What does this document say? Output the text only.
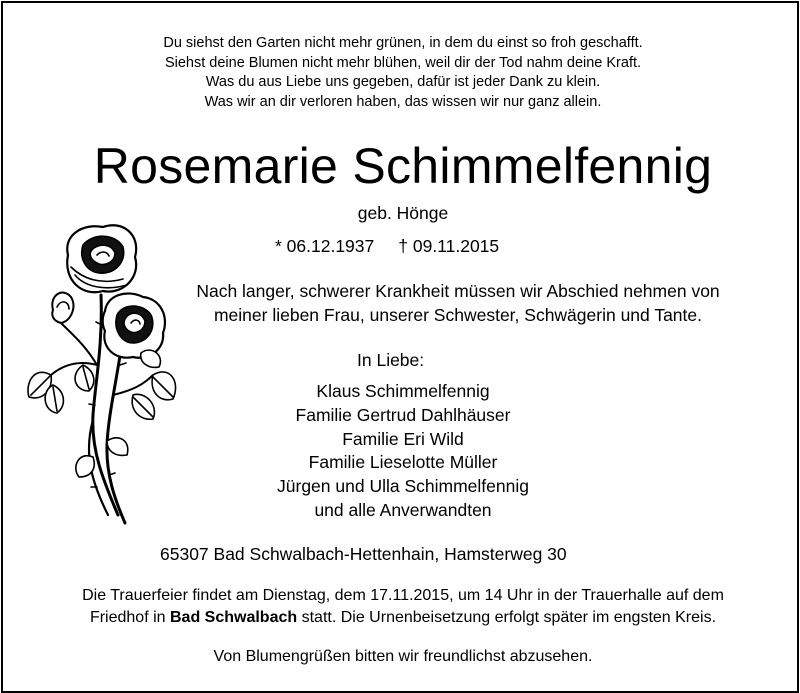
Du siehst den Garten nicht mehr grünen, in dem du einst so froh geschafft.
Siehst deine Blumen nicht mehr blühen, weil dir der Tod nahm deine Kraft.
Was du aus Liebe uns gegeben, dafür ist jeder Dank zu klein.
Was wir an dir verloren haben, das wissen wir nur ganz allein.
Rosemarie Schimmelfennig
geb. Hönge
* 06.12.1937 † 09.11.2015
Nach langer, schwerer Krankheit müssen wir Abschied nehmen von
meiner lieben Frau, unserer Schwester, Schwägerin und Tante.
In Liebe:
Klaus Schimmelfennig
Familie Gertrud Dahlhäuser
Familie Eri Wild
Familie Lieselotte Müller
Jürgen und Ulla Schimmelfennig
und alle Anverwandten
65307 Bad Schwalbach-Hettenhain, Hamsterweg 30
Die Trauerfeier findet am Dienstag, dem 17.11.2015, um 14 Uhr in der Trauerhalle auf dem
Friedhof in Bad Schwalbach statt. Die Urnenbeisetzung erfolgt später im engsten Kreis.
Von Blumengrüßen bitten wir freundlichst abzusehen.
